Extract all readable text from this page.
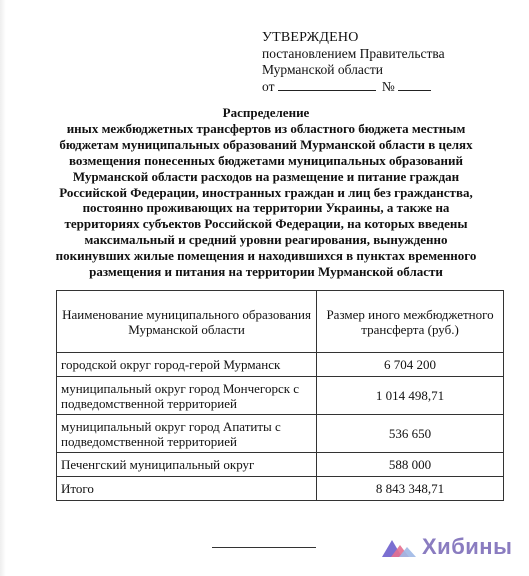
УТВЕРЖДЕНО
постановлением Правительства
Мурманской области
от	№
Распределение
иных межбюджетных трансфертов из областного бюджета местным
бюджетам муниципальных образований Мурманской области в целях
возмещения понесенных бюджетами муниципальных образований
Мурманской области расходов на размещение и питание граждан
Российской Федерации, иностранных граждан и лиц без гражданства,
постоянно проживающих на территории Украины, а также на
территориях субъектов Российской Федерации, на которых введены
максимальный и средний уровни реагирования, вынужденно
покинувших жилые помещения и находившихся в пунктах временного
размещения и питания на территории Мурманской области
Наименование муниципального образования Мурманской области	Размер иного межбюджетного трансферта (руб.)
городской округ город-герой Мурманск	6 704 200
муниципальный округ город Мончегорск с подведомственной территорией	1 014 498,71
муниципальный округ город Апатиты с подведомственной территорией	536 650
Печенгский муниципальный округ	588 000
Итого	8 843 348,71
Хибины
